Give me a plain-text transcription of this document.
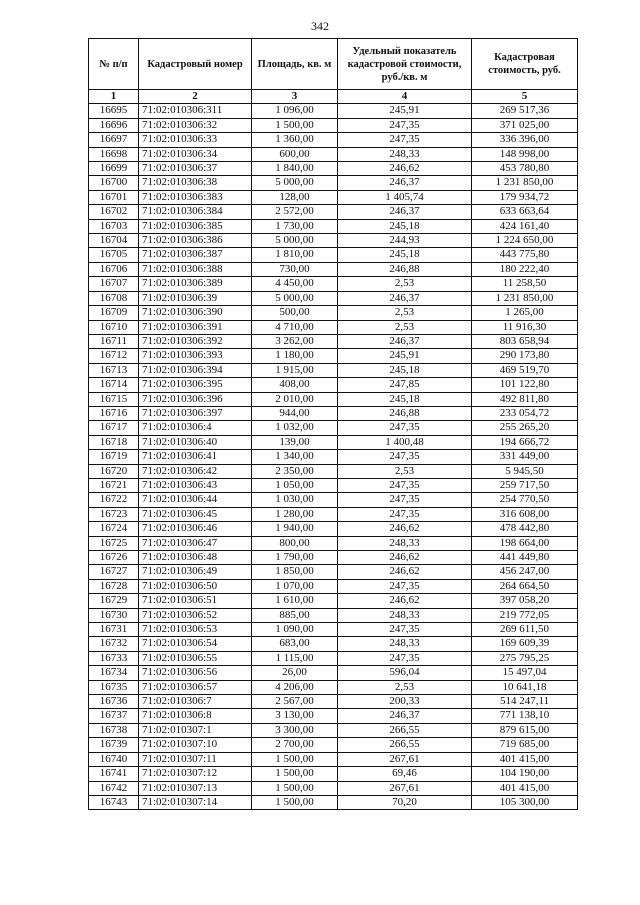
342
№ п/п	Кадастровый номер	Площадь, кв. м	Удельный показатель кадастровой стоимости, руб./кв. м	Кадастровая стоимость, руб.
1	2	3	4	5
16695	71:02:010306:311	1 096,00	245,91	269 517,36
16696	71:02:010306:32	1 500,00	247,35	371 025,00
16697	71:02:010306:33	1 360,00	247,35	336 396,00
16698	71:02:010306:34	600,00	248,33	148 998,00
16699	71:02:010306:37	1 840,00	246,62	453 780,80
16700	71:02:010306:38	5 000,00	246,37	1 231 850,00
16701	71:02:010306:383	128,00	1 405,74	179 934,72
16702	71:02:010306:384	2 572,00	246,37	633 663,64
16703	71:02:010306:385	1 730,00	245,18	424 161,40
16704	71:02:010306:386	5 000,00	244,93	1 224 650,00
16705	71:02:010306:387	1 810,00	245,18	443 775,80
16706	71:02:010306:388	730,00	246,88	180 222,40
16707	71:02:010306:389	4 450,00	2,53	11 258,50
16708	71:02:010306:39	5 000,00	246,37	1 231 850,00
16709	71:02:010306:390	500,00	2,53	1 265,00
16710	71:02:010306:391	4 710,00	2,53	11 916,30
16711	71:02:010306:392	3 262,00	246,37	803 658,94
16712	71:02:010306:393	1 180,00	245,91	290 173,80
16713	71:02:010306:394	1 915,00	245,18	469 519,70
16714	71:02:010306:395	408,00	247,85	101 122,80
16715	71:02:010306:396	2 010,00	245,18	492 811,80
16716	71:02:010306:397	944,00	246,88	233 054,72
16717	71:02:010306:4	1 032,00	247,35	255 265,20
16718	71:02:010306:40	139,00	1 400,48	194 666,72
16719	71:02:010306:41	1 340,00	247,35	331 449,00
16720	71:02:010306:42	2 350,00	2,53	5 945,50
16721	71:02:010306:43	1 050,00	247,35	259 717,50
16722	71:02:010306:44	1 030,00	247,35	254 770,50
16723	71:02:010306:45	1 280,00	247,35	316 608,00
16724	71:02:010306:46	1 940,00	246,62	478 442,80
16725	71:02:010306:47	800,00	248,33	198 664,00
16726	71:02:010306:48	1 790,00	246,62	441 449,80
16727	71:02:010306:49	1 850,00	246,62	456 247,00
16728	71:02:010306:50	1 070,00	247,35	264 664,50
16729	71:02:010306:51	1 610,00	246,62	397 058,20
16730	71:02:010306:52	885,00	248,33	219 772,05
16731	71:02:010306:53	1 090,00	247,35	269 611,50
16732	71:02:010306:54	683,00	248,33	169 609,39
16733	71:02:010306:55	1 115,00	247,35	275 795,25
16734	71:02:010306:56	26,00	596,04	15 497,04
16735	71:02:010306:57	4 206,00	2,53	10 641,18
16736	71:02:010306:7	2 567,00	200,33	514 247,11
16737	71:02:010306:8	3 130,00	246,37	771 138,10
16738	71:02:010307:1	3 300,00	266,55	879 615,00
16739	71:02:010307:10	2 700,00	266,55	719 685,00
16740	71:02:010307:11	1 500,00	267,61	401 415,00
16741	71:02:010307:12	1 500,00	69,46	104 190,00
16742	71:02:010307:13	1 500,00	267,61	401 415,00
16743	71:02:010307:14	1 500,00	70,20	105 300,00
